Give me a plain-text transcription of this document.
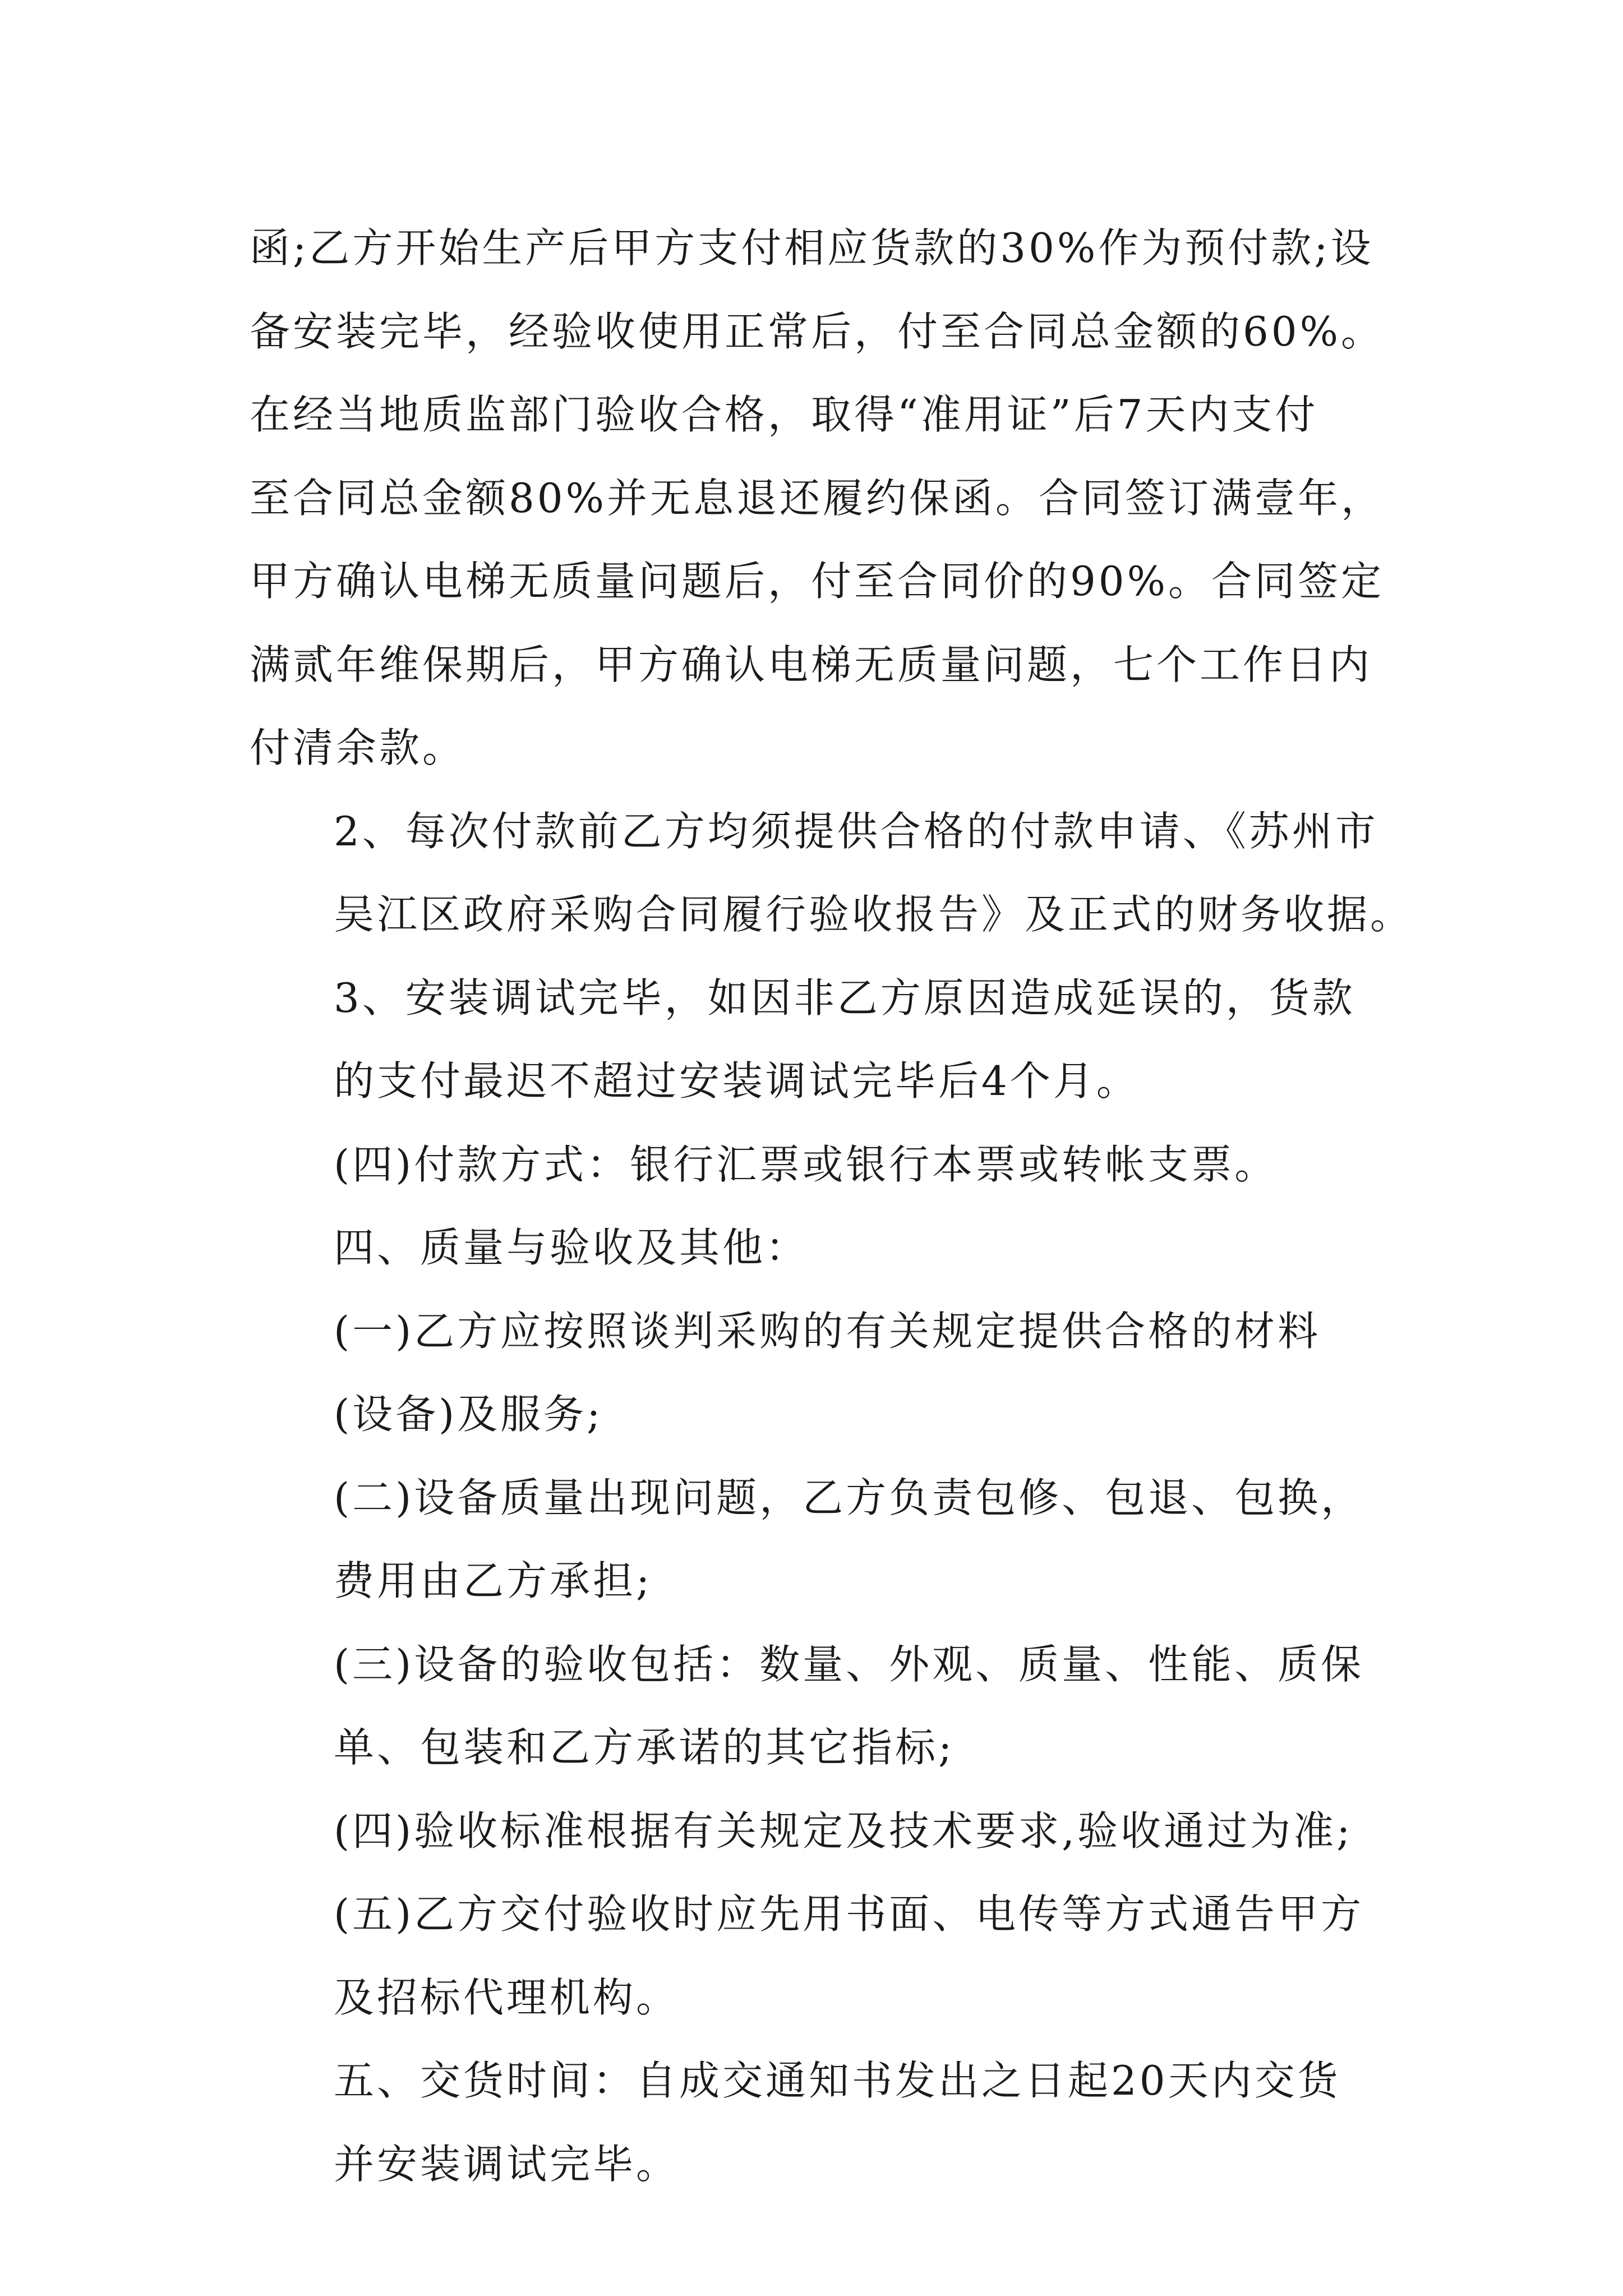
函;乙方开始生产后甲方支付相应货款的30%作为预付款;设
备安装完毕，经验收使用正常后，付至合同总金额的60%。
在经当地质监部门验收合格，取得“准用证”后7天内支付
至合同总金额80%并无息退还履约保函。合同签订满壹年，
甲方确认电梯无质量问题后，付至合同价的90%。合同签定
满贰年维保期后，甲方确认电梯无质量问题，七个工作日内
付清余款。
2、每次付款前乙方均须提供合格的付款申请、《苏州市
吴江区政府采购合同履行验收报告》及正式的财务收据。
3、安装调试完毕，如因非乙方原因造成延误的，货款
的支付最迟不超过安装调试完毕后4个月。
(四)付款方式：银行汇票或银行本票或转帐支票。
四、质量与验收及其他：
(一)乙方应按照谈判采购的有关规定提供合格的材料
(设备)及服务;
(二)设备质量出现问题，乙方负责包修、包退、包换，
费用由乙方承担;
(三)设备的验收包括：数量、外观、质量、性能、质保
单、包装和乙方承诺的其它指标;
(四)验收标准根据有关规定及技术要求,验收通过为准;
(五)乙方交付验收时应先用书面、电传等方式通告甲方
及招标代理机构。
五、交货时间：自成交通知书发出之日起20天内交货
并安装调试完毕。
